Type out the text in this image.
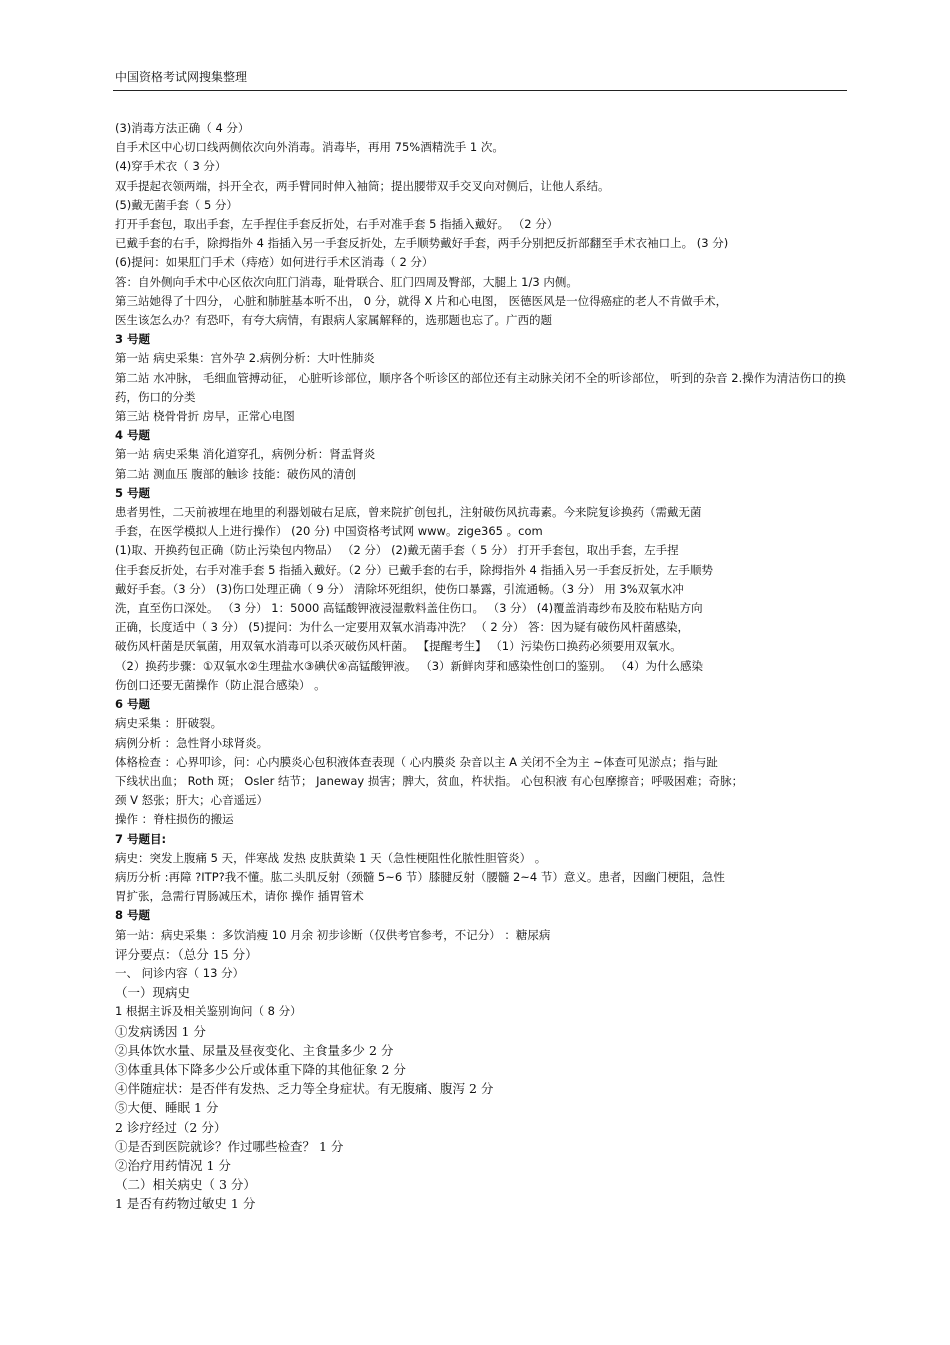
中国资格考试网搜集整理
(3)消毒方法正确（ 4 分）
自手术区中心切口线两侧依次向外消毒。消毒毕，再用 75%酒精洗手 1 次。
(4)穿手术衣（ 3 分）
双手提起衣领两端，抖开全衣，两手臂同时伸入袖筒；提出腰带双手交叉向对侧后，让他人系结。
(5)戴无菌手套（ 5 分）
打开手套包，取出手套，左手捏住手套反折处，右手对准手套 5 指插入戴好。 （2 分）
已戴手套的右手，除拇指外 4 指插入另一手套反折处，左手顺势戴好手套，两手分别把反折部翻至手术衣袖口上。 (3 分)
(6)提问：如果肛门手术（痔疮）如何进行手术区消毒（ 2 分）
答：自外侧向手术中心区依次向肛门消毒，耻骨联合、肛门四周及臀部，大腿上 1/3 内侧。
第三站她得了十四分， 心脏和肺脏基本听不出， 0 分，就得 X 片和心电图， 医德医风是一位得癌症的老人不肯做手术，
医生该怎么办？有恐吓，有夸大病情，有跟病人家属解释的，选那题也忘了。广西的题
3 号题
第一站 病史采集：宫外孕 2.病例分析：大叶性肺炎
第二站 水冲脉， 毛细血管搏动征， 心脏听诊部位，顺序各个听诊区的部位还有主动脉关闭不全的听诊部位， 听到的杂音 2.操作为清洁伤口的换药，伤口的分类
第三站 桡骨骨折 房早，正常心电图
4 号题
第一站 病史采集 消化道穿孔，病例分析：肾盂肾炎
第二站 测血压 腹部的触诊 技能：破伤风的清创
5 号题
患者男性，二天前被埋在地里的利器划破右足底，曾来院扩创包扎，注射破伤风抗毒素。今来院复诊换药（需戴无菌
手套，在医学模拟人上进行操作） (20 分) 中国资格考试网 www。zige365 。com
(1)取、开换药包正确（防止污染包内物品） （2 分） (2)戴无菌手套（ 5 分） 打开手套包，取出手套，左手捏
住手套反折处，右手对准手套 5 指插入戴好。（2 分）已戴手套的右手，除拇指外 4 指插入另一手套反折处，左手顺势
戴好手套。（3 分） (3)伤口处理正确（ 9 分） 清除坏死组织，使伤口暴露，引流通畅。（3 分） 用 3%双氧水冲
洗，直至伤口深处。 （3 分） 1：5000 高锰酸钾液浸湿敷料盖住伤口。 （3 分） (4)覆盖消毒纱布及胶布粘贴方向
正确，长度适中（ 3 分） (5)提问：为什么一定要用双氧水消毒冲洗？ （ 2 分） 答：因为疑有破伤风杆菌感染，
破伤风杆菌是厌氧菌，用双氧水消毒可以杀灭破伤风杆菌。 【提醒考生】 （1）污染伤口换药必须要用双氧水。
（2）换药步骤：①双氧水②生理盐水③碘伏④高锰酸钾液。 （3）新鲜肉芽和感染性创口的鉴别。 （4）为什么感染
伤创口还要无菌操作（防止混合感染） 。
6 号题
病史采集 ：肝破裂。
病例分析 ：急性肾小球肾炎。
体格检查 ：心界叩诊，问：心内膜炎心包积液体查表现（ 心内膜炎 杂音以主 A 关闭不全为主 ~体查可见淤点；指与趾
下线状出血； Roth 斑； Osler 结节； Janeway 损害；脾大，贫血，杵状指。 心包积液 有心包摩擦音；呼吸困难；奇脉；
颈 V 怒张；肝大；心音遥远）
操作 ：脊柱损伤的搬运
7 号题目:
病史：突发上腹痛 5 天，伴寒战 发热 皮肤黄染 1 天（急性梗阻性化脓性胆管炎） 。
病历分析 :再障 ?ITP?我不懂。肱二头肌反射（颈髓 5~6 节）膝腱反射（腰髓 2~4 节）意义。患者，因幽门梗阻，急性
胃扩张，急需行胃肠减压术，请你 操作 插胃管术
8 号题
第一站：病史采集 ：多饮消瘦 10 月余 初步诊断（仅供考官参考，不记分） ：糖尿病
评分要点：（总分 15 分）
一、 问诊内容（ 13 分）
（一）现病史
1 根据主诉及相关鉴别询问（ 8 分）
①发病诱因 1 分
②具体饮水量、尿量及昼夜变化、主食量多少 2 分
③体重具体下降多少公斤或体重下降的其他征象 2 分
④伴随症状：是否伴有发热、乏力等全身症状。有无腹痛、腹泻 2 分
⑤大便、睡眠 1 分
2 诊疗经过（2 分）
①是否到医院就诊？作过哪些检查？ 1 分
②治疗用药情况 1 分
（二）相关病史（ 3 分）
1 是否有药物过敏史 1 分
